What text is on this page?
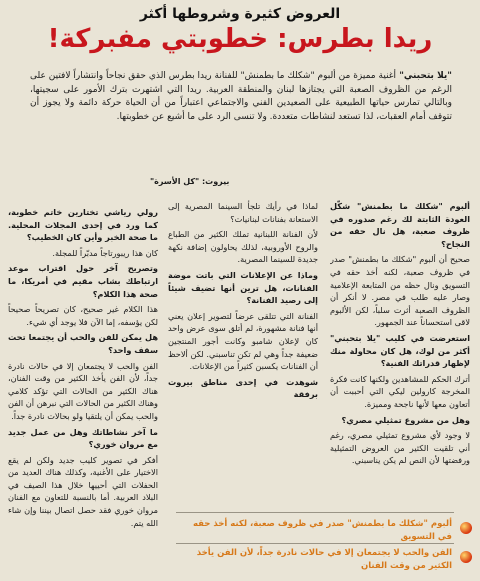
العروض كثيرة وشروطها أكثر
ريدا بطرس: خطوبتي مفبركة!
"يلا بتحبني" أغنية مميزة من ألبوم "شكلك ما بطمنش" للفنانة ريدا بطرس الذي حقق نجاحاً وانتشاراً لافتين على الرغم من الظروف الصعبة التي يجتازها لبنان والمنطقة العربية. ريدا التي اشتهرت بترك الأمور على سجيتها، وبالتالي تمارس حياتها الطبيعية على الصعيدين الفني والاجتماعي اعتباراً من أن الحياة حركة دائمة ولا يجوز أن تتوقف أمام العقبات، لذا تستعد لنشاطات متعددة. ولا تنسى الرد على ما أشيع عن خطوبتها.
بيروت: "كل الأسرة"

ألبوم "شكلك ما بطمنش" شكّل العودة الثابتة لك رغم صدوره في ظروف صعبة، هل نال حقه من النجاح؟

صحيح أن ألبوم "شكلك ما بطمنش" صدر في ظروف صعبة، لكنه أخذ حقه في التسويق ونال حظه من المتابعة الإعلامية وصار عليه طلب في مصر. لا أنكر أن الظروف الصعبة أثرت سلباً، لكن الألبوم لاقى استحساناً عند الجمهور.

استعرضت في كليب "يلا بتحبني" أكثر من لوك، هل كان محاولة منك لإظهار قدراتك الفنية؟

أترك الحكم للمشاهدين ولكنها كانت فكرة المخرجة كارولين ليكي التي أحببت أن أتعاون معها لأنها ناجحة ومميزة.

وهل من مشروع تمثيلي مصري؟

لا وجود لأي مشروع تمثيلي مصري، رغم أني تلقيت الكثير من العروض التمثيلية ورفضتها لأن النص لم يكن يناسبني.

لماذا في رأيك تلجأ السينما المصرية إلى الاستعانة بفنانات لبنانيات؟

لأن الفنانة اللبنانية تملك الكثير من الطباع والروح الأوروبية، لذلك يحاولون إضافة نكهة جديدة للسينما المصرية.

وماذا عن الإعلانات التي باتت موضة الفنانات، هل ترين أنها تضيف شيئاً إلى رصيد الفنانة؟

الفنانة التي تتلقى عرضاً لتصوير إعلان يعني أنها فنانة مشهورة، لم أتلق سوى عرض واحد كان لإعلان شامبو وكانت أجور المنتجين ضعيفة جداً وهي لم تكن تناسبني. لكن ألاحظ أن الفنانات يكسبن كثيراً من الإعلانات.

شوهدت في إحدى مناطق بيروت برفقة

رولي رياشي تختارين خاتم خطوبة، كما ورد في إحدى المجلات المحلية. ما صحة الخبر وأين كان الخطيب؟

كان هذا ريبورتاجاً مدبّراً للمجلة.

وتصريح آخر حول اقتراب موعد ارتباطك بشاب مقيم في أمريكا، ما صحة هذا الكلام؟

هذا الكلام غير صحيح، كان تصريحاً صحيحاً لكن يؤسفه، إما الآن فلا يوجد أي شيء.

هل يمكن للفن والحب أن يجتمعا تحت سقف واحد؟

الفن والحب لا يجتمعان إلا في حالات نادرة جداً، لأن الفن يأخذ الكثير من وقت الفنان، هناك الكثير من الحالات التي تؤكد كلامي وهناك الكثير من الحالات التي نبرهن أن الفن والحب يمكن أن يلتقيا ولو بحالات نادرة جداً.

ما آخر نشاطاتك وهل من عمل جديد مع مروان خوري؟

أفكر في تصوير كليب جديد ولكن لم يقع الاختيار على الأغنية، وكذلك هناك العديد من الحفلات التي أحييها خلال هذا الصيف في البلاد العربية. أما بالنسبة للتعاون مع الفنان مروان خوري فقد حصل اتصال بيننا وإن شاء الله يتم.	ألبوم "شكلك ما بطمنش" صدر في ظروف صعبة، لكنه أخذ حقه في التسويق
الفن والحب لا يجتمعان إلا في حالات نادرة جداً، لأن الفن يأخذ الكثير من وقت الفنان
